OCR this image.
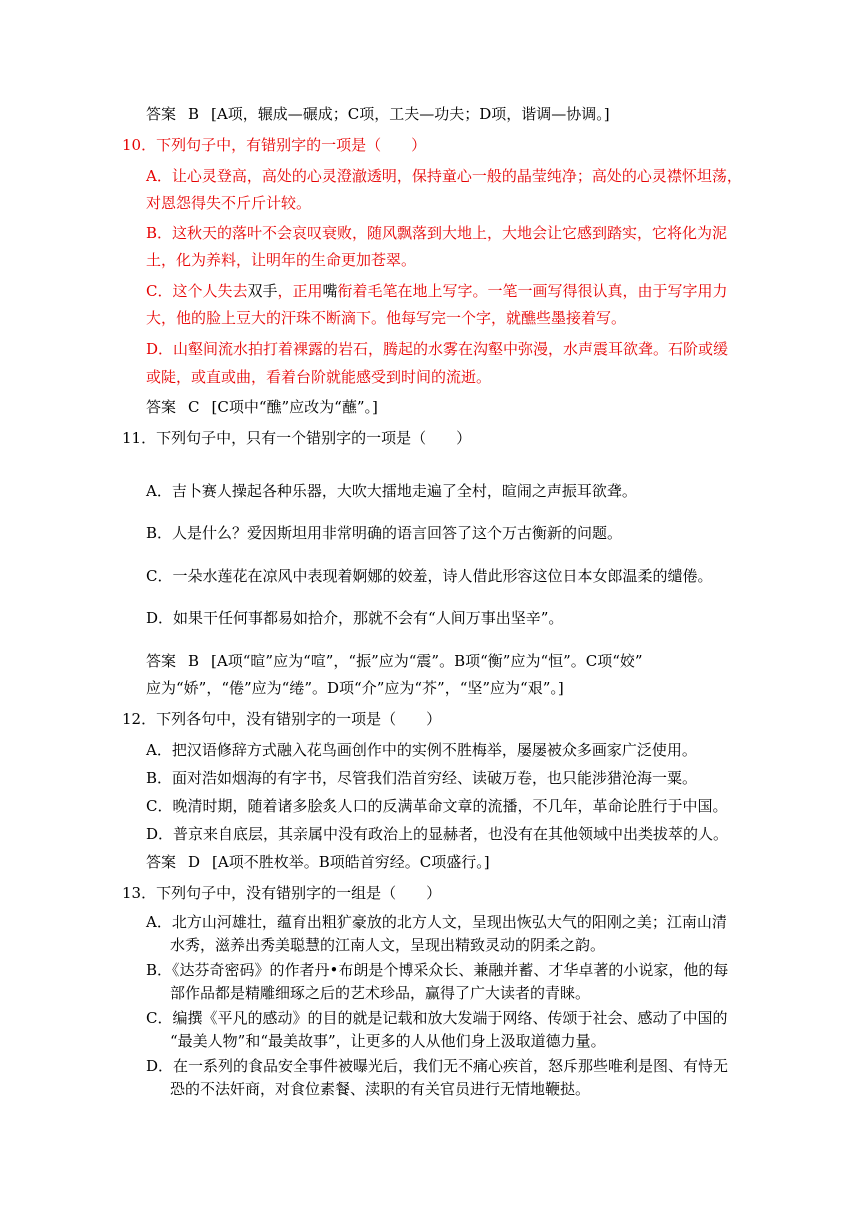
答案 B [A项，辗成—碾成；C项，工夫—功夫；D项，谐调—协调。]
10．下列句子中，有错别字的一项是（　　）
A．让心灵登高，高处的心灵澄澈透明，保持童心一般的晶莹纯净；高处的心灵襟怀坦荡，
对恩怨得失不斤斤计较。
B．这秋天的落叶不会哀叹衰败，随风飘落到大地上，大地会让它感到踏实，它将化为泥
土，化为养料，让明年的生命更加苍翠。
C．这个人失去双手，正用嘴衔着毛笔在地上写字。一笔一画写得很认真，由于写字用力
大，他的脸上豆大的汗珠不断滴下。他每写完一个字，就醮些墨接着写。
D．山壑间流水拍打着裸露的岩石，腾起的水雾在沟壑中弥漫，水声震耳欲聋。石阶或缓
或陡，或直或曲，看着台阶就能感受到时间的流逝。
答案 C [C项中“醮”应改为“蘸”。]
11．下列句子中，只有一个错别字的一项是（　　）
A．吉卜赛人操起各种乐器，大吹大擂地走遍了全村，暄闹之声振耳欲聋。
B．人是什么？爱因斯坦用非常明确的语言回答了这个万古衡新的问题。
C．一朵水莲花在凉风中表现着婀娜的姣羞，诗人借此形容这位日本女郎温柔的缱倦。
D．如果干任何事都易如拾介，那就不会有“人间万事出坚辛”。
答案 B [A项“暄”应为“喧”，“振”应为“震”。B项“衡”应为“恒”。C项“姣”
应为“娇”，“倦”应为“绻”。D项“介”应为“芥”，“坚”应为“艰”。]
12．下列各句中，没有错别字的一项是（　　）
A．把汉语修辞方式融入花鸟画创作中的实例不胜梅举，屡屡被众多画家广泛使用。
B．面对浩如烟海的有字书，尽管我们浩首穷经、读破万卷，也只能涉猎沧海一粟。
C．晚清时期，随着诸多脍炙人口的反满革命文章的流播，不几年，革命论胜行于中国。
D．普京来自底层，其亲属中没有政治上的显赫者，也没有在其他领域中出类拔萃的人。
答案 D [A项不胜枚举。B项皓首穷经。C项盛行。]
13．下列句子中，没有错别字的一组是（　　）
A．北方山河雄壮，蕴育出粗犷豪放的北方人文，呈现出恢弘大气的阳刚之美；江南山清
水秀，滋养出秀美聪慧的江南人文，呈现出精致灵动的阴柔之韵。
B．《达芬奇密码》的作者丹•布朗是个博采众长、兼融并蓄、才华卓著的小说家，他的每
部作品都是精雕细琢之后的艺术珍品，赢得了广大读者的青睐。
C．编撰《平凡的感动》的目的就是记载和放大发端于网络、传颂于社会、感动了中国的
“最美人物”和“最美故事”，让更多的人从他们身上汲取道德力量。
D．在一系列的食品安全事件被曝光后，我们无不痛心疾首，怒斥那些唯利是图、有恃无
恐的不法奸商，对食位素餐、渎职的有关官员进行无情地鞭挞。
